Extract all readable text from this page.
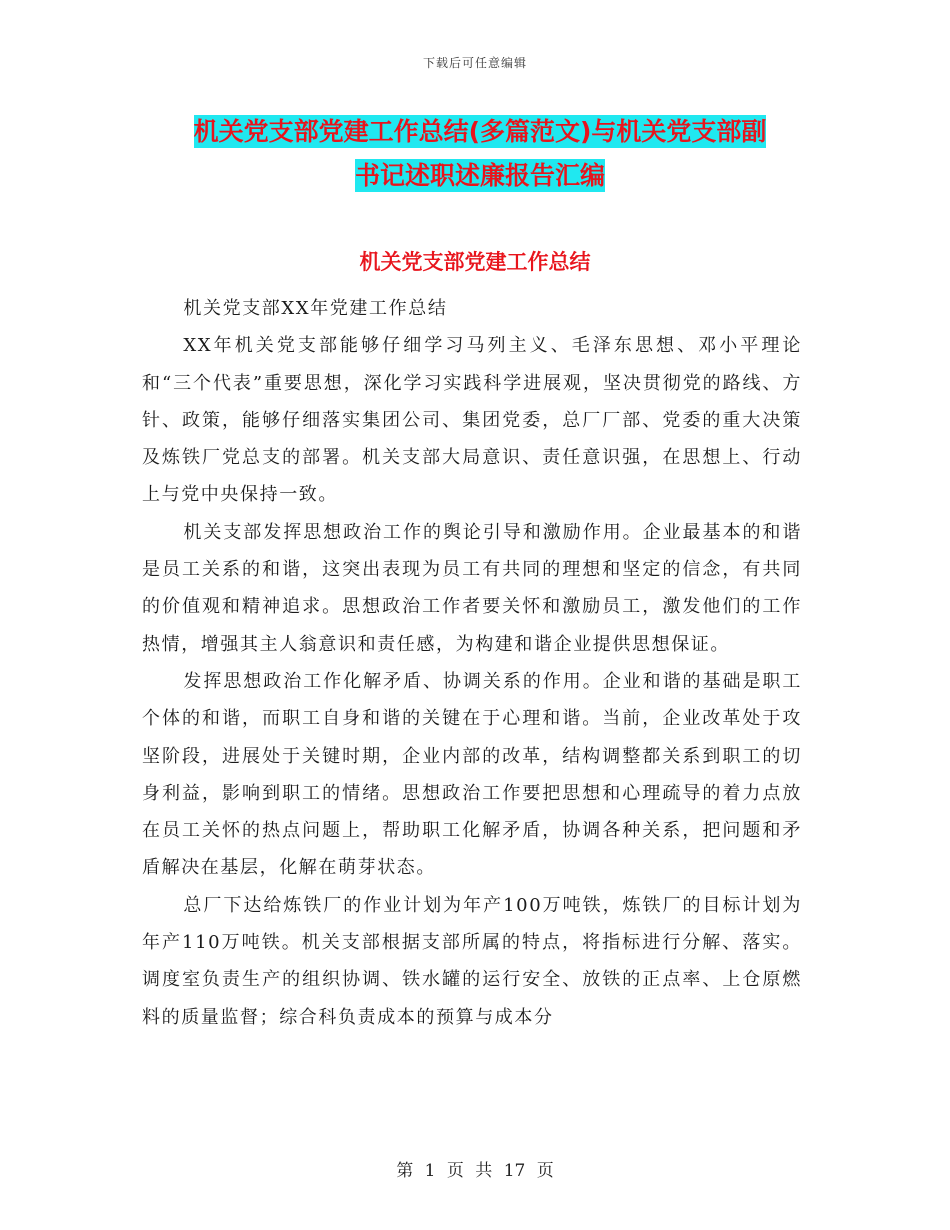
下载后可任意编辑
机关党支部党建工作总结(多篇范文)与机关党支部副
书记述职述廉报告汇编
机关党支部党建工作总结

机关党支部XX年党建工作总结

XX年机关党支部能够仔细学习马列主义、毛泽东思想、邓小平理论和“三个代表”重要思想，深化学习实践科学进展观，坚决贯彻党的路线、方针、政策，能够仔细落实集团公司、集团党委，总厂厂部、党委的重大决策及炼铁厂党总支的部署。机关支部大局意识、责任意识强，在思想上、行动上与党中央保持一致。

机关支部发挥思想政治工作的舆论引导和激励作用。企业最基本的和谐是员工关系的和谐，这突出表现为员工有共同的理想和坚定的信念，有共同的价值观和精神追求。思想政治工作者要关怀和激励员工，激发他们的工作热情，增强其主人翁意识和责任感，为构建和谐企业提供思想保证。

发挥思想政治工作化解矛盾、协调关系的作用。企业和谐的基础是职工个体的和谐，而职工自身和谐的关键在于心理和谐。当前，企业改革处于攻坚阶段，进展处于关键时期，企业内部的改革，结构调整都关系到职工的切身利益，影响到职工的情绪。思想政治工作要把思想和心理疏导的着力点放在员工关怀的热点问题上，帮助职工化解矛盾，协调各种关系，把问题和矛盾解决在基层，化解在萌芽状态。

总厂下达给炼铁厂的作业计划为年产100万吨铁，炼铁厂的目标计划为年产110万吨铁。机关支部根据支部所属的特点，将指标进行分解、落实。调度室负责生产的组织协调、铁水罐的运行安全、放铁的正点率、上仓原燃料的质量监督；综合科负责成本的预算与成本分

第 1 页 共 17 页
